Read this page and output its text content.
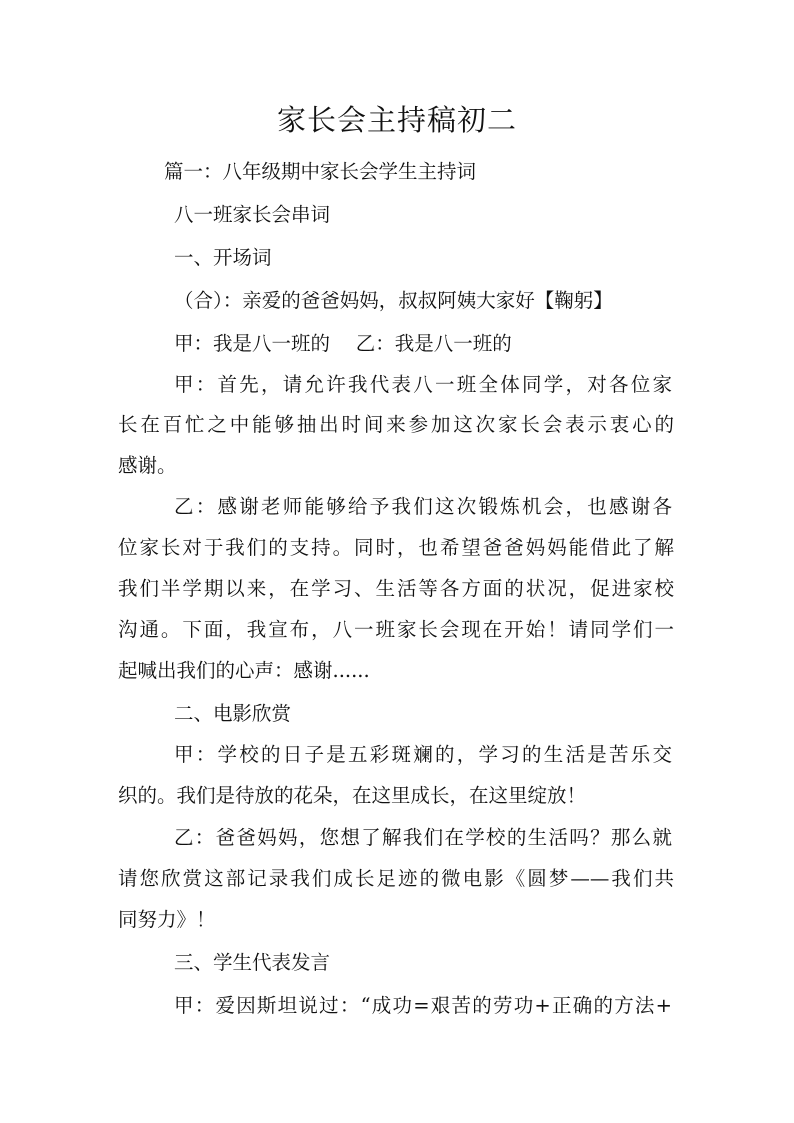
家长会主持稿初二
篇一：八年级期中家长会学生主持词
八一班家长会串词
一、开场词
（合）：亲爱的爸爸妈妈，叔叔阿姨大家好【鞠躬】
甲：我是八一班的　 乙：我是八一班的
甲：首先，请允许我代表八一班全体同学，对各位家
长在百忙之中能够抽出时间来参加这次家长会表示衷心的
感谢。
乙：感谢老师能够给予我们这次锻炼机会，也感谢各
位家长对于我们的支持。同时，也希望爸爸妈妈能借此了解
我们半学期以来，在学习、生活等各方面的状况，促进家校
沟通。下面，我宣布，八一班家长会现在开始！请同学们一
起喊出我们的心声：感谢......
二、电影欣赏
甲：学校的日子是五彩斑斓的，学习的生活是苦乐交
织的。我们是待放的花朵，在这里成长，在这里绽放！
乙：爸爸妈妈，您想了解我们在学校的生活吗？那么就
请您欣赏这部记录我们成长足迹的微电影《圆梦——我们共
同努力》！
三、学生代表发言
甲：爱因斯坦说过：“成功=艰苦的劳功+正确的方法+
